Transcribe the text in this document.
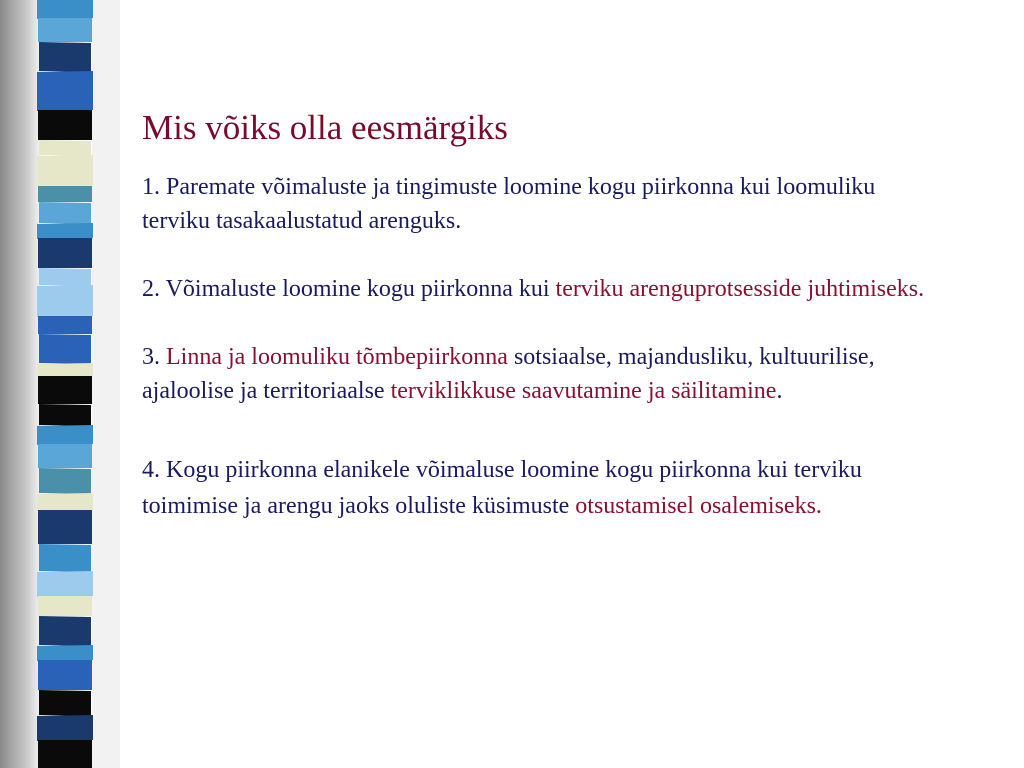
Mis võiks olla eesmärgiks

1. Paremate võimaluste ja tingimuste loomine kogu piirkonna kui loomuliku terviku tasakaalustatud arenguks.

2. Võimaluste loomine kogu piirkonna kui terviku arenguprotsesside juhtimiseks.

3. Linna ja loomuliku tõmbepiirkonna sotsiaalse, majandusliku, kultuurilise, ajaloolise ja territoriaalse terviklikkuse saavutamine ja säilitamine.

4. Kogu piirkonna elanikele võimaluse loomine kogu piirkonna kui terviku toimimise ja arengu jaoks oluliste küsimuste otsustamisel osalemiseks.
